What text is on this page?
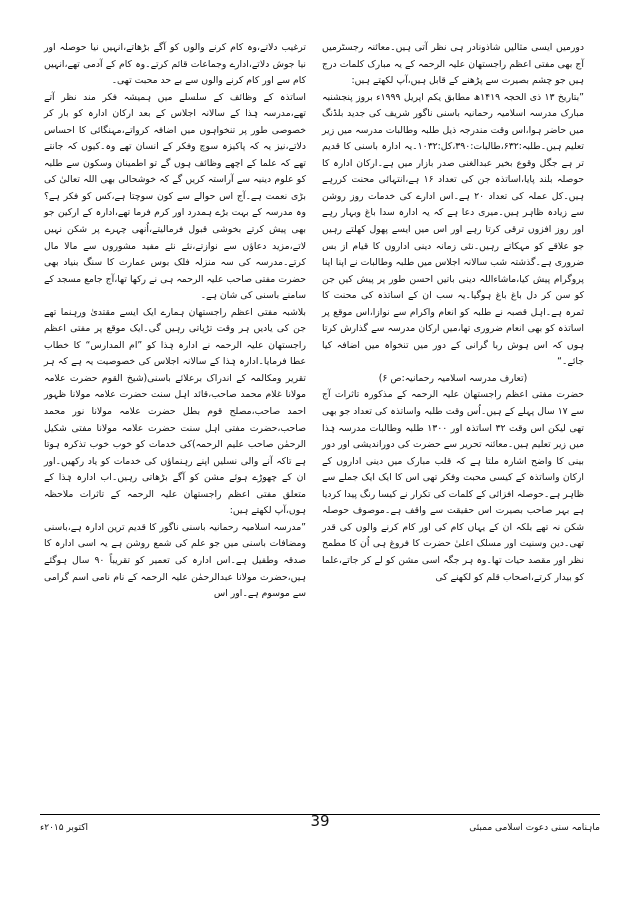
دورمیں ایسی مثالیں شاذونادر ہی نظر آتی ہیں۔معائنہ رجسٹرمیں آج بھی مفتی اعظم راجستھان علیہ الرحمہ کے یہ مبارک کلمات درج ہیں جو چشم بصیرت سے پڑھنے کے قابل ہیں،آپ لکھتے ہیں:

”بتاریخ ۱۳ ذی الحجہ ۱۴۱۹ھ مطابق یکم اپریل ۱۹۹۹ء بروز پنجشنبہ مبارک مدرسہ اسلامیہ رحمانیہ باسنی ناگور شریف کی جدید بلڈنگ میں حاضر ہوا،اس وقت مندرجہ ذیل طلبہ وطالبات مدرسہ میں زیر تعلیم ہیں۔طلبہ:۶۳۲،طالبات:۳۹۰،کل:۱۰۳۲۔یہ ادارہ باسنی کا قدیم تر ہے جگل وقوع بخیر عبدالغنی صدر بازار میں ہے۔ارکان ادارہ کا حوصلہ بلند پایا،اساتذہ جن کی تعداد ۱۶ ہے،انتہائی محنت کررہے ہیں۔کل عملہ کی تعداد ۲۰ ہے۔اس ادارے کی خدمات روز روشن سے زیادہ ظاہر ہیں۔میری دعا ہے کہ یہ ادارہ سدا باغ وبہار رہے اور روز افزوں ترقی کرتا رہے اور اس میں ایسے پھول کھلتے رہیں جو علاقے کو مہکاتے رہیں۔نئی زمانہ دینی اداروں کا قیام از بس ضروری ہے۔گذشتہ شب سالانہ اجلاس میں طلبہ وطالبات نے اپنا اپنا پروگرام پیش کیا،ماشاءاللہ دینی باتیں احسن طور پر پیش کیں جن کو سن کر دل باغ باغ ہوگیا۔یہ سب ان کے اساتذہ کی محنت کا ثمرہ ہے۔اہل قصبہ نے طلبہ کو انعام واکرام سے نوازا،اس موقع پر اساتذہ کو بھی انعام ضروری تھا،میں ارکان مدرسہ سے گذارش کرتا ہوں کہ اس ہوش ربا گرانی کے دور میں تنخواہ میں اضافہ کیا جائے۔“

(تعارف مدرسہ اسلامیہ رحمانیہ:ص ۶)

حضرت مفتی اعظم راجستھان علیہ الرحمہ کے مذکورہ تاثرات آج سے ۱۷ سال پہلے کے ہیں۔اُس وقت طلبہ واساتذہ کی تعداد جو بھی تھی لیکن اس وقت ۳۲ اساتذہ اور ۱۳۰۰ طلبہ وطالبات مدرسہ ہٰذا میں زیر تعلیم ہیں۔معائنہ تحریر سے حضرت کی دوراندیشی اور دور بینی کا واضح اشارہ ملتا ہے کہ قلب مبارک میں دینی اداروں کے ارکان واساتذہ کے کیسی محبت وفکر تھی اس کا ایک ایک جملے سے ظاہر ہے۔حوصلہ افزائی کے کلمات کی تکرار نے کیسا رنگ پیدا کردیا ہے بہر صاحب بصیرت اس حقیقت سے واقف ہے۔موصوف حوصلہ شکن نہ تھے بلکہ ان کے یہاں کام کی اور کام کرنے والوں کی قدر تھی۔دین وسنیت اور مسلک اعلیٰ حضرت کا فروغ ہی اُن کا مطمح نظر اور مقصد حیات تھا۔وہ ہر جگہ اسی مشن کو لے کر جاتے،علما کو بیدار کرتے،اصحاب قلم کو لکھنے کی

ترغیب دلاتے،وہ کام کرنے والوں کو آگے بڑھاتے،انہیں نیا حوصلہ اور نیا جوش دلاتے،ادارے وجماعات قائم کرتے۔وہ کام کے آدمی تھے،انہیں کام سے اور کام کرنے والوں سے بے حد محبت تھی۔

اساتذہ کے وظائف کے سلسلے میں ہمیشہ فکر مند نظر آتے تھے،مدرسہ ہٰذا کے سالانہ اجلاس کے بعد ارکان ادارہ کو بار کر خصوصی طور پر تنخواہوں میں اضافہ کرواتے،مہنگائی کا احساس دلاتے،نیز یہ کہ پاکیزہ سوچ وفکر کے انسان تھے وہ۔کیوں کہ جانتے تھے کہ علما کے اچھے وظائف ہوں گے تو اطمینان وسکون سے طلبہ کو علوم دینیہ سے آراستہ کریں گے کہ خوشحالی بھی اللہ تعالیٰ کی بڑی نعمت ہے۔آج اس حوالے سے کون سوچتا ہے،کس کو فکر ہے؟وہ مدرسہ کے بہت بڑے ہمدرد اور کرم فرما تھے،ادارہ کے ارکین جو بھی پیش کرتے بخوشی قبول فرمالیتے،اُنھی چہرے پر شکن نہیں لاتے،مزید دعاؤں سے نوازتے،نئے نئے مفید مشوروں سے مالا مال کرتے۔مدرسہ کی سہ منزلہ فلک بوس عمارت کا سنگ بنیاد بھی حضرت مفتی صاحب علیہ الرحمہ ہی نے رکھا تھا،آج جامع مسجد کے سامنے باسنی کی شان ہے۔

بلاشبہ مفتی اعظم راجستھان ہمارے ایک ایسے مقتدیٰ ورہنما تھے جن کی یادیں ہر وقت تڑپاتی رہیں گی۔ایک موقع پر مفتی اعظم راجستھان علیہ الرحمہ نے ادارہ ہٰذا کو ”ام المدارس“ کا خطاب عطا فرمایا۔ادارہ ہٰذا کے سالانہ اجلاس کی خصوصیت یہ ہے کہ ہر تقریر ومکالمہ کے اندراک برعلائے باسنی(شیخ القوم حضرت علامہ مولانا غلام محمد صاحب،قائد اہل سنت حضرت علامہ مولانا ظہور احمد صاحب،مصلح قوم بطل حضرت علامہ مولانا نور محمد صاحب،حضرت مفتی اہل سنت حضرت علامہ مولانا مفتی شکیل الرحمٰن صاحب علیم الرحمہ)کی خدمات کو خوب خوب تذکرہ ہوتا ہے تاکہ آنے والی نسلیں اپنے رہنماؤں کی خدمات کو یاد رکھیں۔اور ان کے چھوڑے ہوئے مشن کو آگے بڑھاتی رہیں۔اب ادارہ ہٰذا کے متعلق مفتی اعظم راجستھان علیہ الرحمہ کے تاثرات ملاحظہ ہوں،آپ لکھتے ہیں:

”مدرسہ اسلامیہ رحمانیہ باسنی ناگور کا قدیم ترین ادارہ ہے،باسنی ومضافات باسنی میں جو علم کی شمع روشن ہے یہ اسی ادارہ کا صدقہ وطفیل ہے۔اس ادارہ کی تعمیر کو تقریباً ۹۰ سال ہوگئے ہیں،حضرت مولانا عبدالرحمٰن علیہ الرحمہ کے نام نامی اسم گرامی سے موسوم ہے۔اور اس

ماہنامہ سنی دعوت اسلامی ممبئی
39
اکتوبر ۲۰۱۵ء
